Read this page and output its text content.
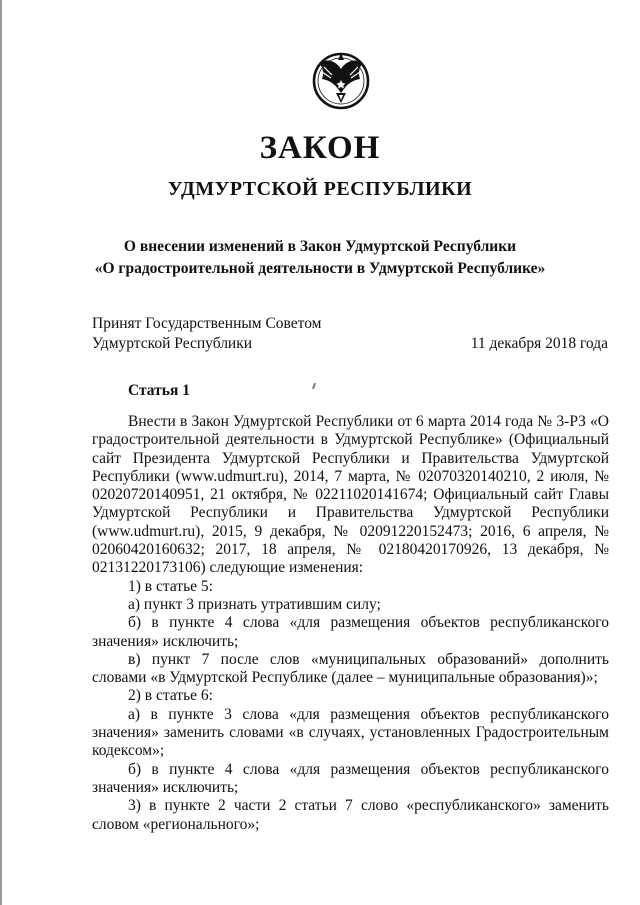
ЗАКОН
УДМУРТСКОЙ РЕСПУБЛИКИ
О внесении изменений в Закон Удмуртской Республики
«О градостроительной деятельности в Удмуртской Республике»
Принят Государственным Советом
Удмуртской Республики	11 декабря 2018 года
Статья 1

Внести в Закон Удмуртской Республики от 6 марта 2014 года № 3-РЗ «О градостроительной деятельности в Удмуртской Республике» (Официальный сайт Президента Удмуртской Республики и Правительства Удмуртской Республики (www.udmurt.ru), 2014, 7 марта, № 02070320140210, 2 июля, № 02020720140951, 21 октября, № 02211020141674; Официальный сайт Главы Удмуртской Республики и Правительства Удмуртской Республики (www.udmurt.ru), 2015, 9 декабря, № 02091220152473; 2016, 6 апреля, № 02060420160632; 2017, 18 апреля, № 02180420170926, 13 декабря, № 02131220173106) следующие изменения:

1) в статье 5:

а) пункт 3 признать утратившим силу;

б) в пункте 4 слова «для размещения объектов республиканского значения» исключить;

в) пункт 7 после слов «муниципальных образований» дополнить словами «в Удмуртской Республике (далее – муниципальные образования)»;

2) в статье 6:

а) в пункте 3 слова «для размещения объектов республиканского значения» заменить словами «в случаях, установленных Градостроительным кодексом»;

б) в пункте 4 слова «для размещения объектов республиканского значения» исключить;

3) в пункте 2 части 2 статьи 7 слово «республиканского» заменить словом «регионального»;
